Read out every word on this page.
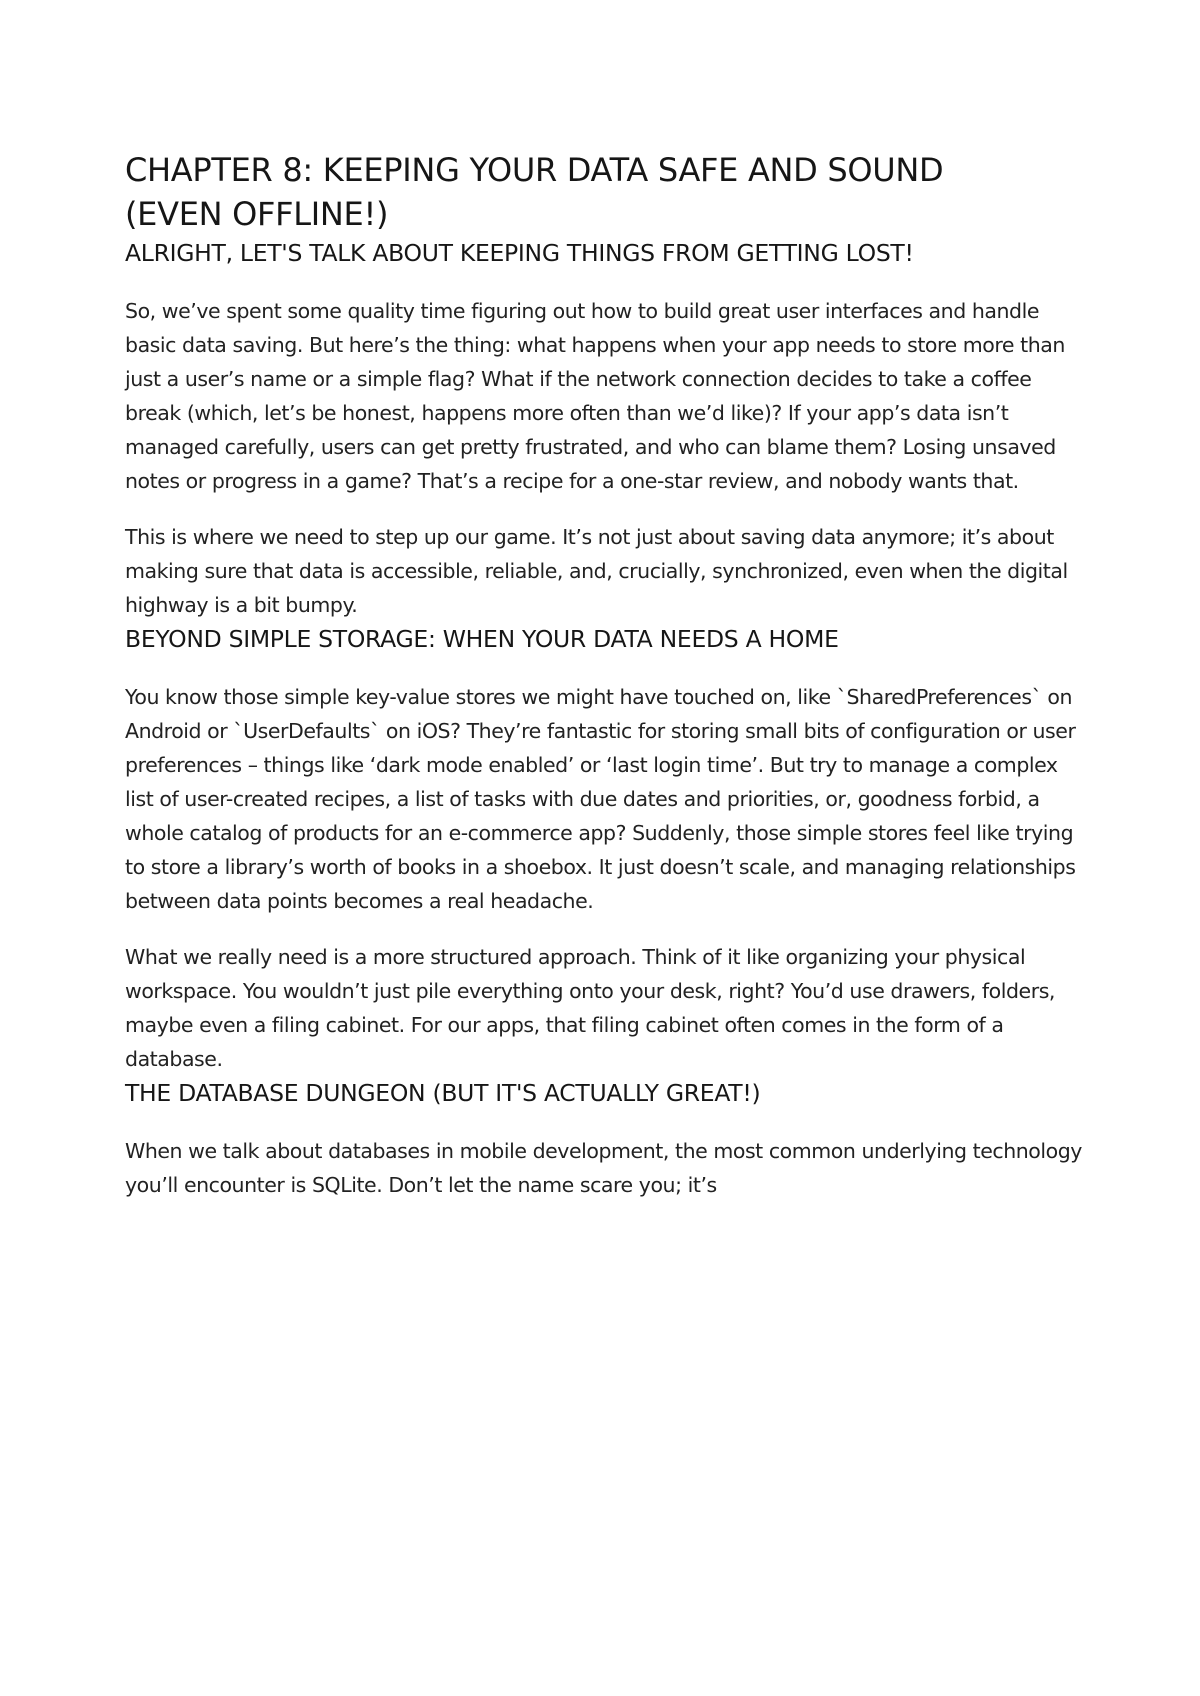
CHAPTER 8: KEEPING YOUR DATA SAFE AND SOUND
(EVEN OFFLINE!)
ALRIGHT, LET'S TALK ABOUT KEEPING THINGS FROM GETTING LOST!

So, we’ve spent some quality time figuring out how to build great user interfaces and handle basic data saving. But here’s the thing: what happens when your app needs to store more than just a user’s name or a simple flag? What if the network connection decides to take a coffee break (which, let’s be honest, happens more often than we’d like)? If your app’s data isn’t managed carefully, users can get pretty frustrated, and who can blame them? Losing unsaved notes or progress in a game? That’s a recipe for a one-star review, and nobody wants that.

This is where we need to step up our game. It’s not just about saving data anymore; it’s about making sure that data is accessible, reliable, and, crucially, synchronized, even when the digital highway is a bit bumpy.

BEYOND SIMPLE STORAGE: WHEN YOUR DATA NEEDS A HOME

You know those simple key-value stores we might have touched on, like `SharedPreferences` on Android or `UserDefaults` on iOS? They’re fantastic for storing small bits of configuration or user preferences – things like ‘dark mode enabled’ or ‘last login time’. But try to manage a complex list of user-created recipes, a list of tasks with due dates and priorities, or, goodness forbid, a whole catalog of products for an e-commerce app? Suddenly, those simple stores feel like trying to store a library’s worth of books in a shoebox. It just doesn’t scale, and managing relationships between data points becomes a real headache.

What we really need is a more structured approach. Think of it like organizing your physical workspace. You wouldn’t just pile everything onto your desk, right? You’d use drawers, folders, maybe even a filing cabinet. For our apps, that filing cabinet often comes in the form of a database.

THE DATABASE DUNGEON (BUT IT'S ACTUALLY GREAT!)

When we talk about databases in mobile development, the most common underlying technology you’ll encounter is SQLite. Don’t let the name scare you; it’s
